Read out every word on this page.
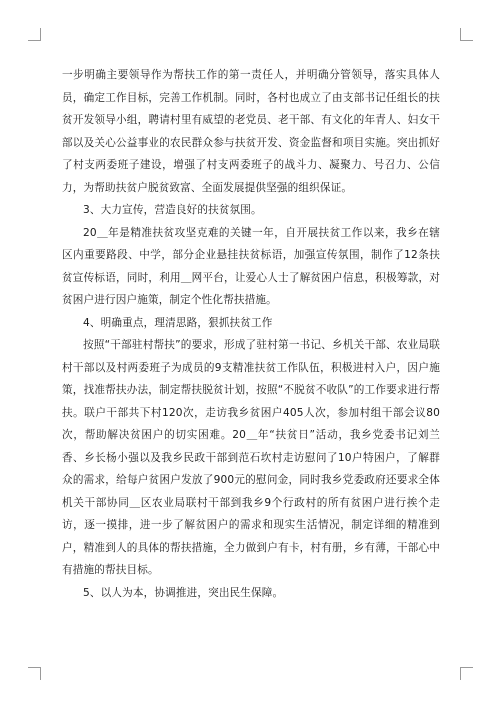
一步明确主要领导作为帮扶工作的第一责任人，并明确分管领导，落实具体人员，确定工作目标，完善工作机制。同时，各村也成立了由支部书记任组长的扶贫开发领导小组，聘请村里有威望的老党员、老干部、有文化的年青人、妇女干部以及关心公益事业的农民群众参与扶贫开发、资金监督和项目实施。突出抓好了村支两委班子建设，增强了村支两委班子的战斗力、凝聚力、号召力、公信力，为帮助扶贫户脱贫致富、全面发展提供坚强的组织保证。

3、大力宣传，营造良好的扶贫氛围。

20＿年是精准扶贫攻坚克难的关键一年，自开展扶贫工作以来，我乡在辖区内重要路段、中学，部分企业悬挂扶贫标语，加强宣传氛围，制作了12条扶贫宣传标语，同时，利用＿网平台，让爱心人士了解贫困户信息，积极筹款，对贫困户进行因户施策，制定个性化帮扶措施。

4、明确重点，理清思路，狠抓扶贫工作

按照“干部驻村帮扶”的要求，形成了驻村第一书记、乡机关干部、农业局联村干部以及村两委班子为成员的9支精准扶贫工作队伍，积极进村入户，因户施策，找准帮扶办法，制定帮扶脱贫计划，按照“不脱贫不收队”的工作要求进行帮扶。联户干部共下村120次，走访我乡贫困户405人次，参加村组干部会议80次，帮助解决贫困户的切实困难。20＿年“扶贫日”活动，我乡党委书记刘兰香、乡长杨小强以及我乡民政干部到范石坎村走访慰问了10户特困户，了解群众的需求，给每户贫困户发放了900元的慰问金，同时我乡党委政府还要求全体机关干部协同＿区农业局联村干部到我乡9个行政村的所有贫困户进行挨个走访，逐一摸排，进一步了解贫困户的需求和现实生活情况，制定详细的精准到户，精准到人的具体的帮扶措施，全力做到户有卡，村有册，乡有薄，干部心中有措施的帮扶目标。

5、以人为本，协调推进，突出民生保障。
